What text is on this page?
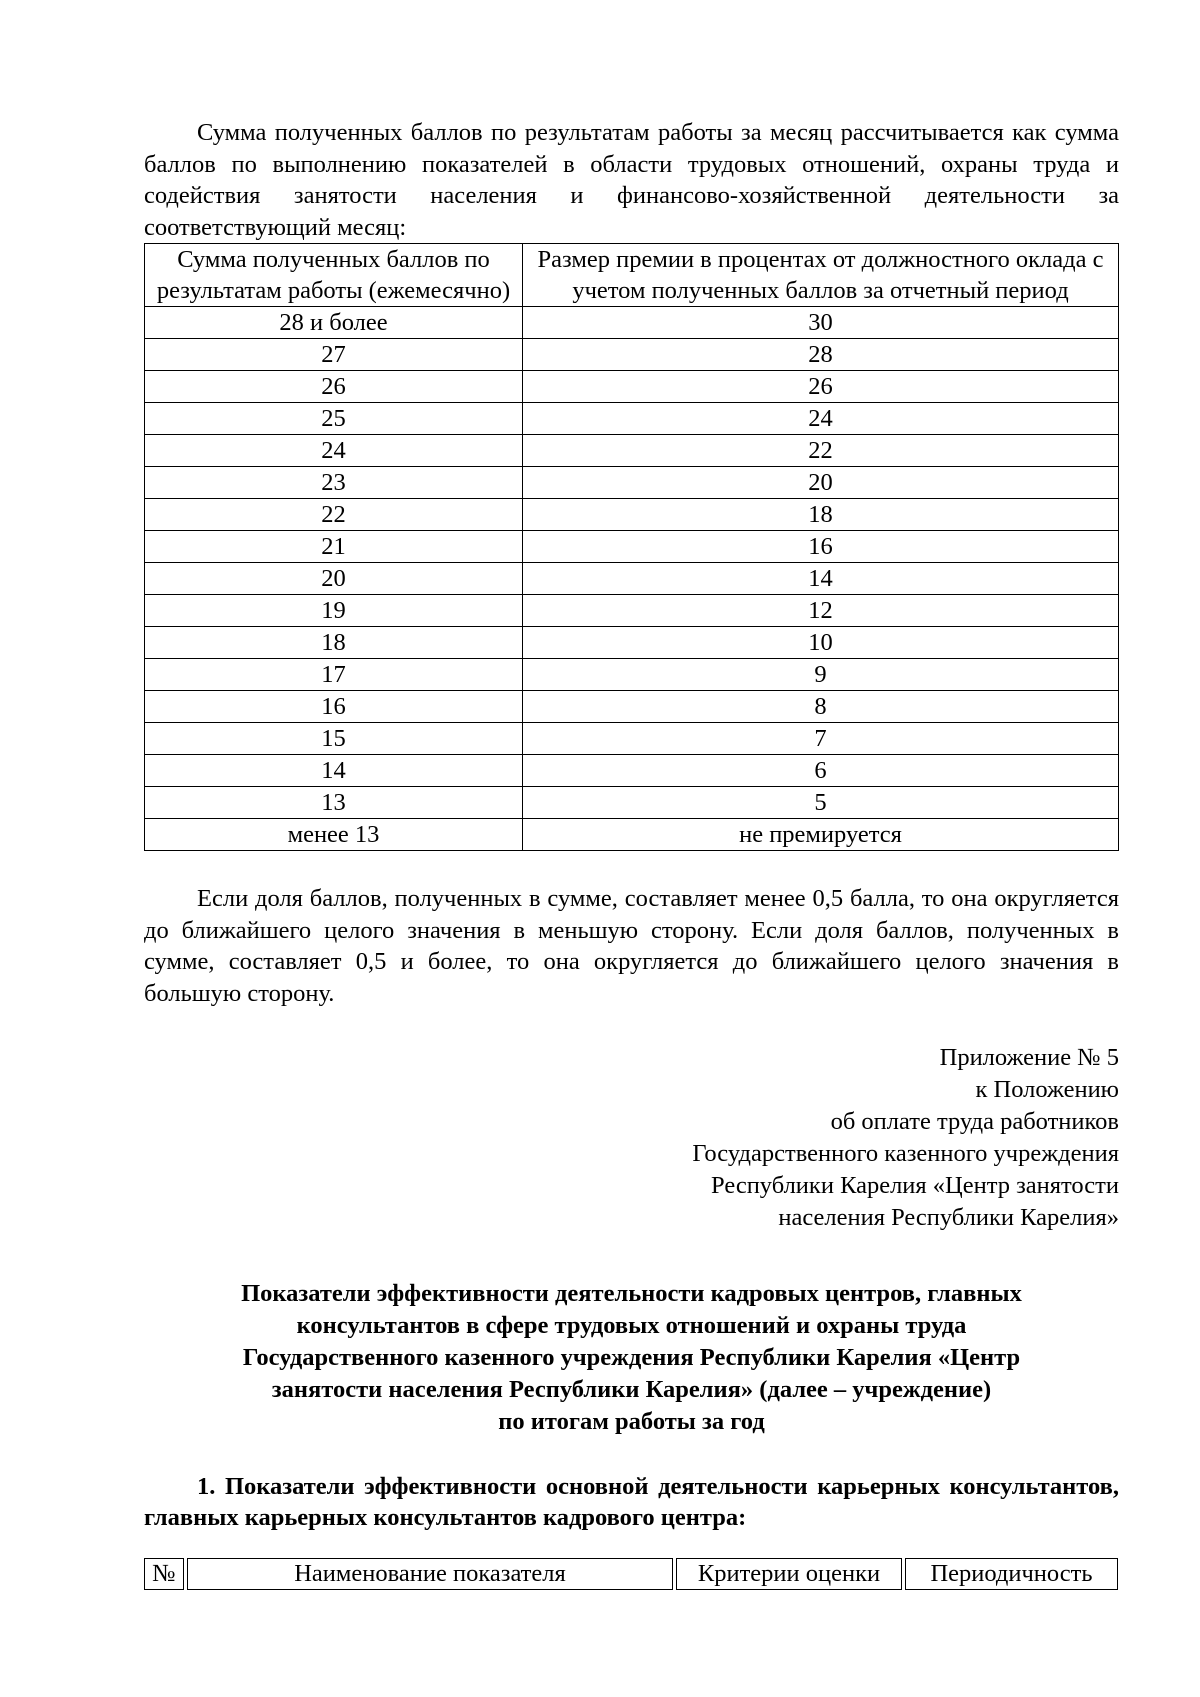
Сумма полученных баллов по результатам работы за месяц рассчитывается как сумма баллов по выполнению показателей в области трудовых отношений, охраны труда и содействия занятости населения и финансово-хозяйственной деятельности за соответствующий месяц:

Сумма полученных баллов по результатам работы (ежемесячно)	Размер премии в процентах от должностного оклада с учетом полученных баллов за отчетный период
28 и более	30
27	28
26	26
25	24
24	22
23	20
22	18
21	16
20	14
19	12
18	10
17	9
16	8
15	7
14	6
13	5
менее 13	не премируется

Если доля баллов, полученных в сумме, составляет менее 0,5 балла, то она округляется до ближайшего целого значения в меньшую сторону. Если доля баллов, полученных в сумме, составляет 0,5 и более, то она округляется до ближайшего целого значения в большую сторону.

Приложение № 5
к Положению
об оплате труда работников
Государственного казенного учреждения
Республики Карелия «Центр занятости
населения Республики Карелия»
Показатели эффективности деятельности кадровых центров, главных
консультантов в сфере трудовых отношений и охраны труда
Государственного казенного учреждения Республики Карелия «Центр
занятости населения Республики Карелия» (далее – учреждение)
по итогам работы за год

1. Показатели эффективности основной деятельности карьерных консультантов, главных карьерных консультантов кадрового центра:

№	Наименование показателя	Критерии оценки	Периодичность
